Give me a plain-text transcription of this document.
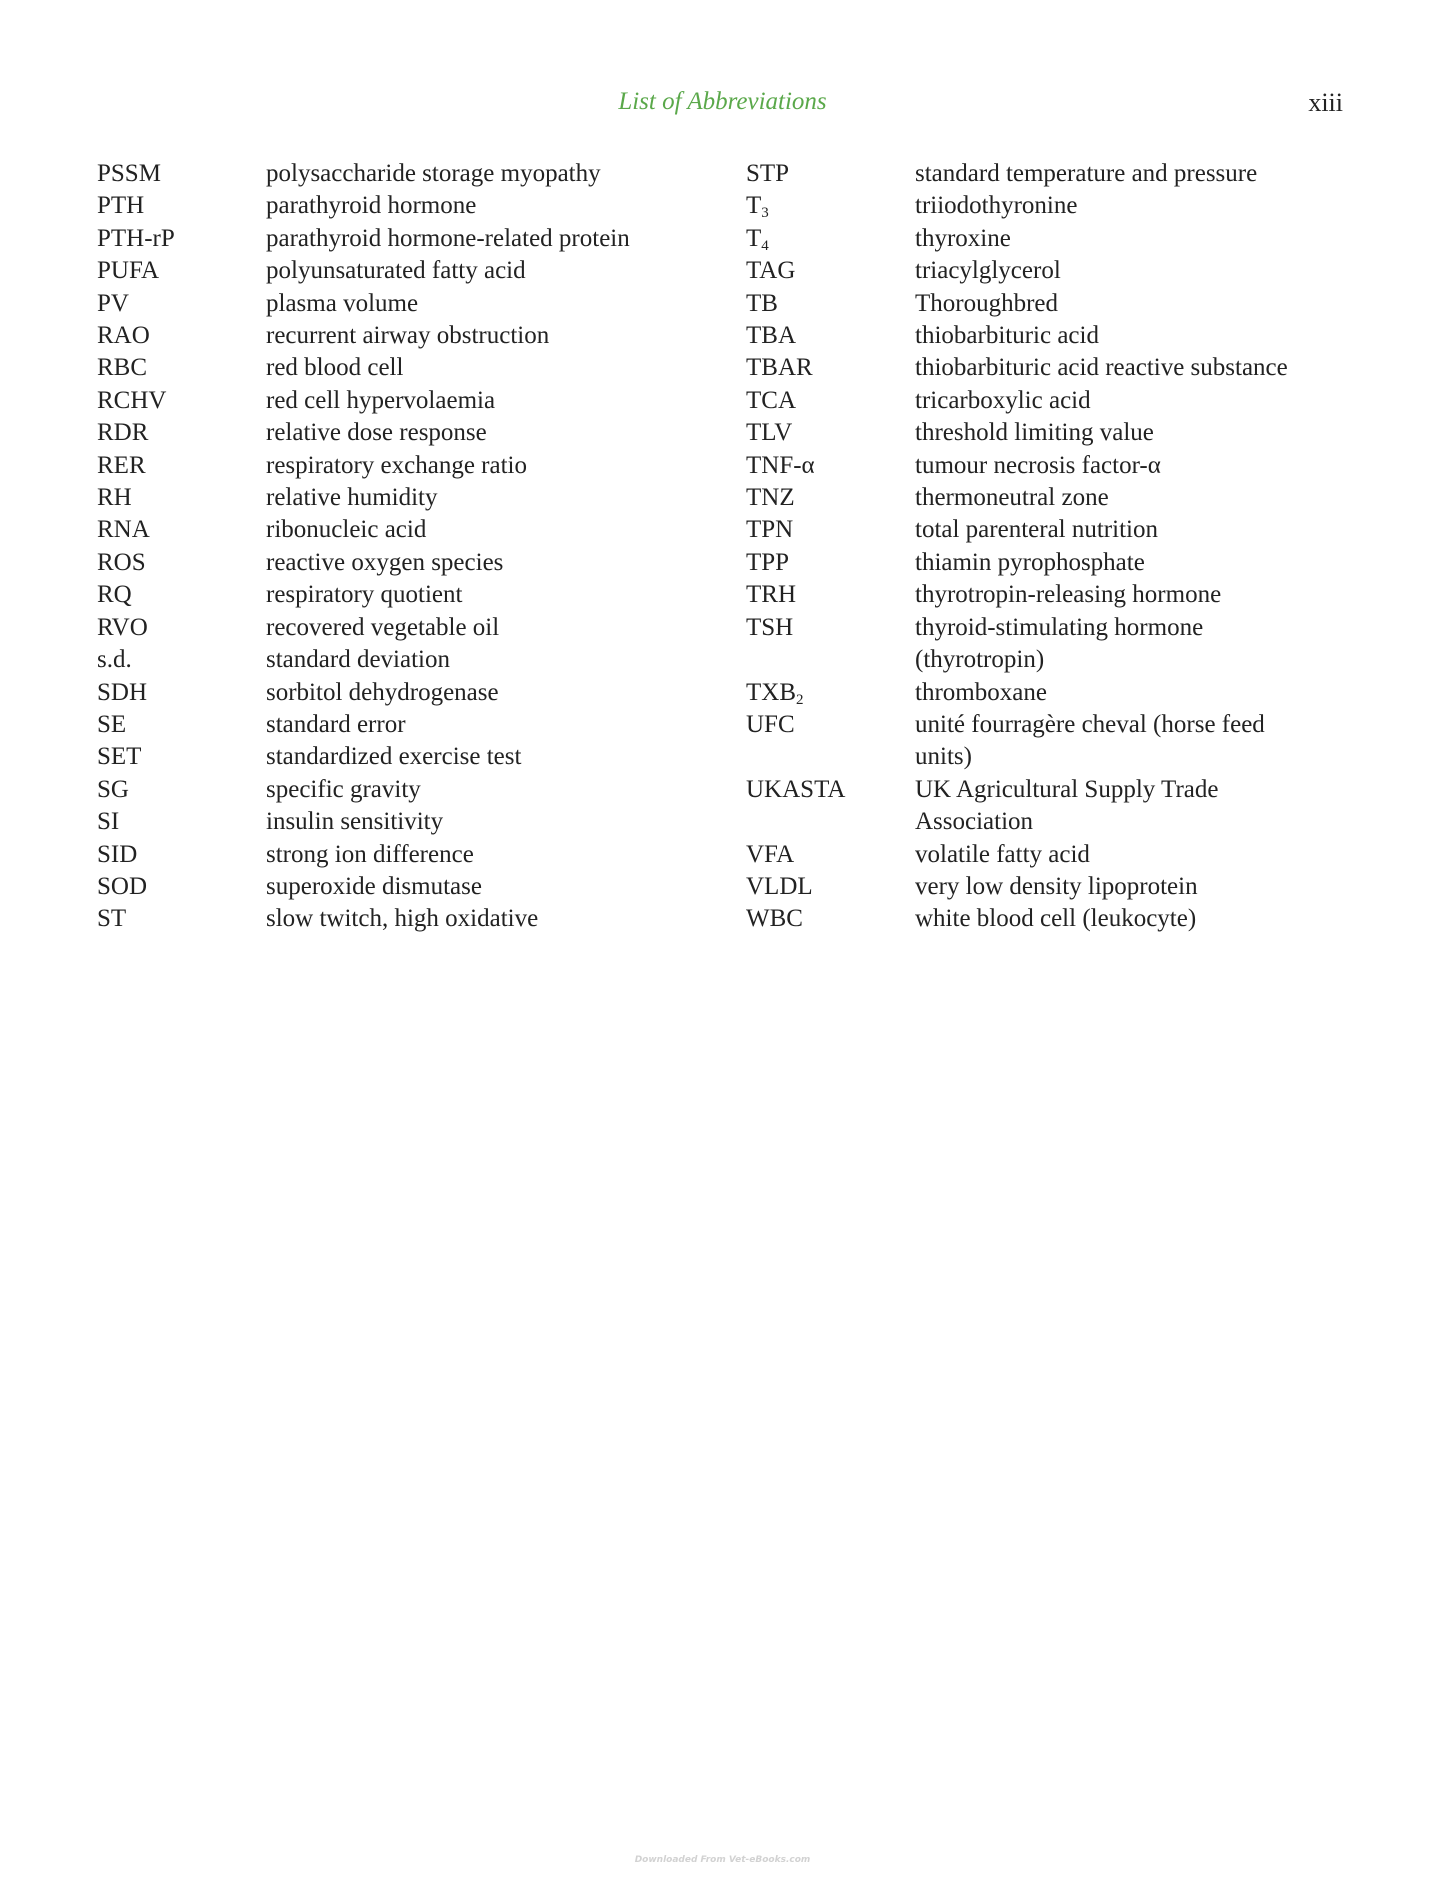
List of Abbreviations	xiii
PSSM	polysaccharide storage myopathy
PTH	parathyroid hormone
PTH-rP	parathyroid hormone-related protein
PUFA	polyunsaturated fatty acid
PV	plasma volume
RAO	recurrent airway obstruction
RBC	red blood cell
RCHV	red cell hypervolaemia
RDR	relative dose response
RER	respiratory exchange ratio
RH	relative humidity
RNA	ribonucleic acid
ROS	reactive oxygen species
RQ	respiratory quotient
RVO	recovered vegetable oil
s.d.	standard deviation
SDH	sorbitol dehydrogenase
SE	standard error
SET	standardized exercise test
SG	specific gravity
SI	insulin sensitivity
SID	strong ion difference
SOD	superoxide dismutase
ST	slow twitch, high oxidative
STP	standard temperature and pressure
$T_3$	triiodothyronine
$T_4$	thyroxine
TAG	triacylglycerol
TB	Thoroughbred
TBA	thiobarbituric acid
TBAR	thiobarbituric acid reactive substance
TCA	tricarboxylic acid
TLV	threshold limiting value
TNF-α	tumour necrosis factor-α
TNZ	thermoneutral zone
TPN	total parenteral nutrition
TPP	thiamin pyrophosphate
TRH	thyrotropin-releasing hormone
TSH	thyroid-stimulating hormone
(thyrotropin)
$TXB_2$	thromboxane
UFC	unité fourragère cheval (horse feed
units)
UKASTA	UK Agricultural Supply Trade
Association
VFA	volatile fatty acid
VLDL	very low density lipoprotein
WBC	white blood cell (leukocyte)
Downloaded From Vet-eBooks.com
